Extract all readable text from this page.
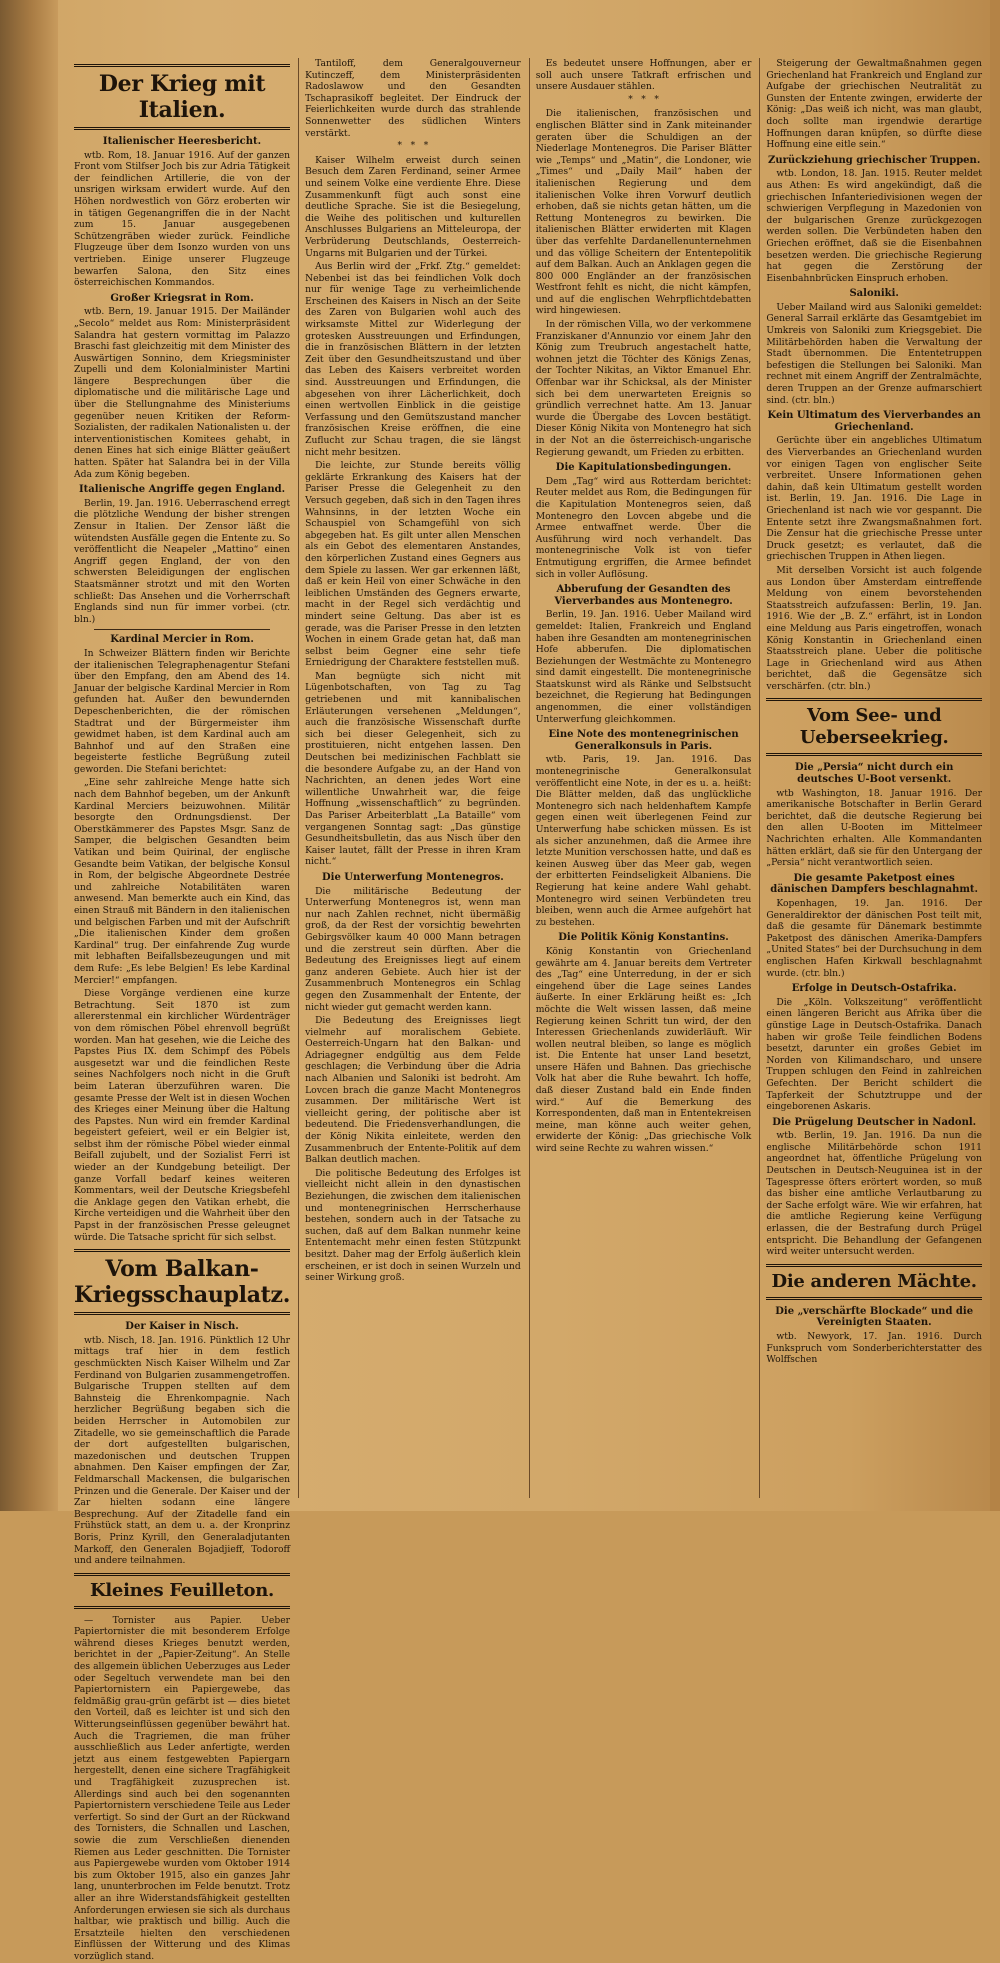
Der Krieg mit Italien.
Italienischer Heeresbericht.

wtb. Rom, 18. Januar 1916. Auf der ganzen Front vom Stilfser Joch bis zur Adria Tätigkeit der feindlichen Artillerie, die von der unsrigen wirksam erwidert wurde. Auf den Höhen nordwestlich von Görz eroberten wir in tätigen Gegenangriffen die in der Nacht zum 15. Januar ausgegebenen Schützengräben wieder zurück. Feindliche Flugzeuge über dem Isonzo wurden von uns vertrieben. Einige unserer Flugzeuge bewarfen Salona, den Sitz eines österreichischen Kommandos.

Großer Kriegsrat in Rom.

wtb. Bern, 19. Januar 1915. Der Mailänder „Secolo“ meldet aus Rom: Ministerpräsident Salandra hat gestern vormittag im Palazzo Braschi fast gleichzeitig mit dem Minister des Auswärtigen Sonnino, dem Kriegsminister Zupelli und dem Kolonialminister Martini längere Besprechungen über die diplomatische und die militärische Lage und über die Stellungnahme des Ministeriums gegenüber neuen Kritiken der Reform-Sozialisten, der radikalen Nationalisten u. der interventionistischen Komitees gehabt, in denen Eines hat sich einige Blätter geäußert hatten. Später hat Salandra bei in der Villa Ada zum König begeben.

Italienische Angriffe gegen England.

Berlin, 19. Jan. 1916. Ueberraschend erregt die plötzliche Wendung der bisher strengen Zensur in Italien. Der Zensor läßt die wütendsten Ausfälle gegen die Entente zu. So veröffentlicht die Neapeler „Mattino“ einen Angriff gegen England, der von den schwersten Beleidigungen der englischen Staatsmänner strotzt und mit den Worten schließt: Das Ansehen und die Vorherrschaft Englands sind nun für immer vorbei. (ctr. bln.)

Kardinal Mercier in Rom.

In Schweizer Blättern finden wir Berichte der italienischen Telegraphenagentur Stefani über den Empfang, den am Abend des 14. Januar der belgische Kardinal Mercier in Rom gefunden hat. Außer den bewundernden Depeschenberichten, die der römischen Stadtrat und der Bürgermeister ihm gewidmet haben, ist dem Kardinal auch am Bahnhof und auf den Straßen eine begeisterte festliche Begrüßung zuteil geworden. Die Stefani berichtet:

„Eine sehr zahlreiche Menge hatte sich nach dem Bahnhof begeben, um der Ankunft Kardinal Merciers beizuwohnen. Militär besorgte den Ordnungsdienst. Der Oberstkämmerer des Papstes Msgr. Sanz de Samper, die belgischen Gesandten beim Vatikan und beim Quirinal, der englische Gesandte beim Vatikan, der belgische Konsul in Rom, der belgische Abgeordnete Destrée und zahlreiche Notabilitäten waren anwesend. Man bemerkte auch ein Kind, das einen Strauß mit Bändern in den italienischen und belgischen Farben und mit der Aufschrift „Die italienischen Kinder dem großen Kardinal“ trug. Der einfahrende Zug wurde mit lebhaften Beifallsbezeugungen und mit dem Rufe: „Es lebe Belgien! Es lebe Kardinal Mercier!“ empfangen.

Diese Vorgänge verdienen eine kurze Betrachtung. Seit 1870 ist zum allererstenmal ein kirchlicher Würdenträger von dem römischen Pöbel ehrenvoll begrüßt worden. Man hat gesehen, wie die Leiche des Papstes Pius IX. dem Schimpf des Pöbels ausgesetzt war und die feindlichen Reste seines Nachfolgers noch nicht in die Gruft beim Lateran überzuführen waren. Die gesamte Presse der Welt ist in diesen Wochen des Krieges einer Meinung über die Haltung des Papstes. Nun wird ein fremder Kardinal begeistert gefeiert, weil er ein Belgier ist, selbst ihm der römische Pöbel wieder einmal Beifall zujubelt, und der Sozialist Ferri ist wieder an der Kundgebung beteiligt. Der ganze Vorfall bedarf keines weiteren Kommentars, weil der Deutsche Kriegsbefehl die Anklage gegen den Vatikan erhebt, die Kirche verteidigen und die Wahrheit über den Papst in der französischen Presse geleugnet würde. Die Tatsache spricht für sich selbst.

Vom Balkan-Kriegsschauplatz.
Der Kaiser in Nisch.

wtb. Nisch, 18. Jan. 1916. Pünktlich 12 Uhr mittags traf hier in dem festlich geschmückten Nisch Kaiser Wilhelm und Zar Ferdinand von Bulgarien zusammengetroffen. Bulgarische Truppen stellten auf dem Bahnsteig die Ehrenkompagnie. Nach herzlicher Begrüßung begaben sich die beiden Herrscher in Automobilen zur Zitadelle, wo sie gemeinschaftlich die Parade der dort aufgestellten bulgarischen, mazedonischen und deutschen Truppen abnahmen. Den Kaiser empfingen der Zar, Feldmarschall Mackensen, die bulgarischen Prinzen und die Generale. Der Kaiser und der Zar hielten sodann eine längere Besprechung. Auf der Zitadelle fand ein Frühstück statt, an dem u. a. der Kronprinz Boris, Prinz Kyrill, den Generaladjutanten Markoff, den Generalen Bojadjieff, Todoroff und andere teilnahmen.

Kleines Feuilleton.

— Tornister aus Papier. Ueber Papiertornister die mit besonderem Erfolge während dieses Krieges benutzt werden, berichtet in der „Papier-Zeitung“. An Stelle des allgemein üblichen Ueberzuges aus Leder oder Segeltuch verwendete man bei den Papiertornistern ein Papiergewebe, das feldmäßig grau-grün gefärbt ist — dies bietet den Vorteil, daß es leichter ist und sich den Witterungseinflüssen gegenüber bewährt hat. Auch die Tragriemen, die man früher ausschließlich aus Leder anfertigte, werden jetzt aus einem festgewebten Papiergarn hergestellt, denen eine sichere Tragfähigkeit und Tragfähigkeit zuzusprechen ist. Allerdings sind auch bei den sogenannten Papiertornistern verschiedene Teile aus Leder verfertigt. So sind der Gurt an der Rückwand des Tornisters, die Schnallen und Laschen, sowie die zum Verschließen dienenden Riemen aus Leder geschnitten. Die Tornister aus Papiergewebe wurden vom Oktober 1914 bis zum Oktober 1915, also ein ganzes Jahr lang, ununterbrochen im Felde benutzt. Trotz aller an ihre Widerstandsfähigkeit gestellten Anforderungen erwiesen sie sich als durchaus haltbar, wie praktisch und billig. Auch die Ersatzteile hielten den verschiedenen Einflüssen der Witterung und des Klimas vorzüglich stand.

Tantiloff, dem Generalgouverneur Kutinczeff, dem Ministerpräsidenten Radoslawow und den Gesandten Tschaprasikoff begleitet. Der Eindruck der Feierlichkeiten wurde durch das strahlende Sonnenwetter des südlichen Winters verstärkt.

*   *   *

Kaiser Wilhelm erweist durch seinen Besuch dem Zaren Ferdinand, seiner Armee und seinem Volke eine verdiente Ehre. Diese Zusammenkunft fügt auch sonst eine deutliche Sprache. Sie ist die Besiegelung, die Weihe des politischen und kulturellen Anschlusses Bulgariens an Mitteleuropa, der Verbrüderung Deutschlands, Oesterreich-Ungarns mit Bulgarien und der Türkei.

Aus Berlin wird der „Frkf. Ztg.“ gemeldet: Nebenbei ist das bei feindlichen Volk doch nur für wenige Tage zu verheimlichende Erscheinen des Kaisers in Nisch an der Seite des Zaren von Bulgarien wohl auch des wirksamste Mittel zur Widerlegung der grotesken Ausstreuungen und Erfindungen, die in französischen Blättern in der letzten Zeit über den Gesundheitszustand und über das Leben des Kaisers verbreitet worden sind. Ausstreuungen und Erfindungen, die abgesehen von ihrer Lächerlichkeit, doch einen wertvollen Einblick in die geistige Verfassung und den Gemütszustand mancher französischen Kreise eröffnen, die eine Zuflucht zur Schau tragen, die sie längst nicht mehr besitzen.

Die leichte, zur Stunde bereits völlig geklärte Erkrankung des Kaisers hat der Pariser Presse die Gelegenheit zu den Versuch gegeben, daß sich in den Tagen ihres Wahnsinns, in der letzten Woche ein Schauspiel von Schamgefühl von sich abgegeben hat. Es gilt unter allen Menschen als ein Gebot des elementaren Anstandes, den körperlichen Zustand eines Gegners aus dem Spiele zu lassen. Wer gar erkennen läßt, daß er kein Heil von einer Schwäche in den leiblichen Umständen des Gegners erwarte, macht in der Regel sich verdächtig und mindert seine Geltung. Das aber ist es gerade, was die Pariser Presse in den letzten Wochen in einem Grade getan hat, daß man selbst beim Gegner eine sehr tiefe Erniedrigung der Charaktere feststellen muß.

Man begnügte sich nicht mit Lügenbotschaften, von Tag zu Tag getriebenen und mit kannibalischen Erläuterungen versehenen „Meldungen“, auch die französische Wissenschaft durfte sich bei dieser Gelegenheit, sich zu prostituieren, nicht entgehen lassen. Den Deutschen bei medizinischen Fachblatt sie die besondere Aufgabe zu, an der Hand von Nachrichten, an denen jedes Wort eine willentliche Unwahrheit war, die feige Hoffnung „wissenschaftlich“ zu begründen. Das Pariser Arbeiterblatt „La Bataille“ vom vergangenen Sonntag sagt: „Das günstige Gesundheitsbulletin, das aus Nisch über den Kaiser lautet, fällt der Presse in ihren Kram nicht.“

Die Unterwerfung Montenegros.

Die militärische Bedeutung der Unterwerfung Montenegros ist, wenn man nur nach Zahlen rechnet, nicht übermäßig groß, da der Rest der vorsichtig bewehrten Gebirgsvölker kaum 40 000 Mann betragen und die zerstreut sein dürften. Aber die Bedeutung des Ereignisses liegt auf einem ganz anderen Gebiete. Auch hier ist der Zusammenbruch Montenegros ein Schlag gegen den Zusammenhalt der Entente, der nicht wieder gut gemacht werden kann.

Die Bedeutung des Ereignisses liegt vielmehr auf moralischem Gebiete. Oesterreich-Ungarn hat den Balkan- und Adriagegner endgültig aus dem Felde geschlagen; die Verbindung über die Adria nach Albanien und Saloniki ist bedroht. Am Lovcen brach die ganze Macht Montenegros zusammen. Der militärische Wert ist vielleicht gering, der politische aber ist bedeutend. Die Friedensverhandlungen, die der König Nikita einleitete, werden den Zusammenbruch der Entente-Politik auf dem Balkan deutlich machen.

Die politische Bedeutung des Erfolges ist vielleicht nicht allein in den dynastischen Beziehungen, die zwischen dem italienischen und montenegrinischen Herrscherhause bestehen, sondern auch in der Tatsache zu suchen, daß auf dem Balkan nunmehr keine Ententemacht mehr einen festen Stützpunkt besitzt. Daher mag der Erfolg äußerlich klein erscheinen, er ist doch in seinen Wurzeln und seiner Wirkung groß.

Es bedeutet unsere Hoffnungen, aber er soll auch unsere Tatkraft erfrischen und unsere Ausdauer stählen.

*   *   *

Die italienischen, französischen und englischen Blätter sind in Zank miteinander geraten über die Schuldigen an der Niederlage Montenegros. Die Pariser Blätter wie „Temps“ und „Matin“, die Londoner, wie „Times“ und „Daily Mail“ haben der italienischen Regierung und dem italienischen Volke ihren Vorwurf deutlich erhoben, daß sie nichts getan hätten, um die Rettung Montenegros zu bewirken. Die italienischen Blätter erwiderten mit Klagen über das verfehlte Dardanellenunternehmen und das völlige Scheitern der Ententepolitik auf dem Balkan. Auch an Anklagen gegen die 800 000 Engländer an der französischen Westfront fehlt es nicht, die nicht kämpfen, und auf die englischen Wehrpflichtdebatten wird hingewiesen.

In der römischen Villa, wo der verkommene Franziskaner d'Annunzio vor einem Jahr den König zum Treubruch angestachelt hatte, wohnen jetzt die Töchter des Königs Zenas, der Tochter Nikitas, an Viktor Emanuel Ehr. Offenbar war ihr Schicksal, als der Minister sich bei dem unerwarteten Ereignis so gründlich verrechnet hatte. Am 13. Januar wurde die Übergabe des Lovcen bestätigt. Dieser König Nikita von Montenegro hat sich in der Not an die österreichisch-ungarische Regierung gewandt, um Frieden zu erbitten.

Die Kapitulationsbedingungen.

Dem „Tag“ wird aus Rotterdam berichtet: Reuter meldet aus Rom, die Bedingungen für die Kapitulation Montenegros seien, daß Montenegro den Lovcen abgebe und die Armee entwaffnet werde. Über die Ausführung wird noch verhandelt. Das montenegrinische Volk ist von tiefer Entmutigung ergriffen, die Armee befindet sich in voller Auflösung.

Abberufung der Gesandten des Vierverbandes aus Montenegro.

Berlin, 19. Jan. 1916. Ueber Mailand wird gemeldet: Italien, Frankreich und England haben ihre Gesandten am montenegrinischen Hofe abberufen. Die diplomatischen Beziehungen der Westmächte zu Montenegro sind damit eingestellt. Die montenegrinische Staatskunst wird als Ränke und Selbstsucht bezeichnet, die Regierung hat Bedingungen angenommen, die einer vollständigen Unterwerfung gleichkommen.

Eine Note des montenegrinischen Generalkonsuls in Paris.

wtb. Paris, 19. Jan. 1916. Das montenegrinische Generalkonsulat veröffentlicht eine Note, in der es u. a. heißt: Die Blätter melden, daß das unglückliche Montenegro sich nach heldenhaftem Kampfe gegen einen weit überlegenen Feind zur Unterwerfung habe schicken müssen. Es ist als sicher anzunehmen, daß die Armee ihre letzte Munition verschossen hatte, und daß es keinen Ausweg über das Meer gab, wegen der erbitterten Feindseligkeit Albaniens. Die Regierung hat keine andere Wahl gehabt. Montenegro wird seinen Verbündeten treu bleiben, wenn auch die Armee aufgehört hat zu bestehen.

Die Politik König Konstantins.

König Konstantin von Griechenland gewährte am 4. Januar bereits dem Vertreter des „Tag“ eine Unterredung, in der er sich eingehend über die Lage seines Landes äußerte. In einer Erklärung heißt es: „Ich möchte die Welt wissen lassen, daß meine Regierung keinen Schritt tun wird, der den Interessen Griechenlands zuwiderläuft. Wir wollen neutral bleiben, so lange es möglich ist. Die Entente hat unser Land besetzt, unsere Häfen und Bahnen. Das griechische Volk hat aber die Ruhe bewahrt. Ich hoffe, daß dieser Zustand bald ein Ende finden wird.“ Auf die Bemerkung des Korrespondenten, daß man in Ententekreisen meine, man könne auch weiter gehen, erwiderte der König: „Das griechische Volk wird seine Rechte zu wahren wissen.“

Steigerung der Gewaltmaßnahmen gegen Griechenland hat Frankreich und England zur Aufgabe der griechischen Neutralität zu Gunsten der Entente zwingen, erwiderte der König: „Das weiß ich nicht, was man glaubt, doch sollte man irgendwie derartige Hoffnungen daran knüpfen, so dürfte diese Hoffnung eine eitle sein.“

Zurückziehung griechischer Truppen.

wtb. London, 18. Jan. 1915. Reuter meldet aus Athen: Es wird angekündigt, daß die griechischen Infanteriedivisionen wegen der schwierigen Verpflegung in Mazedonien von der bulgarischen Grenze zurückgezogen werden sollen. Die Verbündeten haben den Griechen eröffnet, daß sie die Eisenbahnen besetzen werden. Die griechische Regierung hat gegen die Zerstörung der Eisenbahnbrücken Einspruch erhoben.

Saloniki.

Ueber Mailand wird aus Saloniki gemeldet: General Sarrail erklärte das Gesamtgebiet im Umkreis von Saloniki zum Kriegsgebiet. Die Militärbehörden haben die Verwaltung der Stadt übernommen. Die Ententetruppen befestigen die Stellungen bei Saloniki. Man rechnet mit einem Angriff der Zentralmächte, deren Truppen an der Grenze aufmarschiert sind. (ctr. bln.)

Kein Ultimatum des Vierverbandes an Griechenland.

Gerüchte über ein angebliches Ultimatum des Vierverbandes an Griechenland wurden vor einigen Tagen von englischer Seite verbreitet. Unsere Informationen gehen dahin, daß kein Ultimatum gestellt worden ist. Berlin, 19. Jan. 1916. Die Lage in Griechenland ist nach wie vor gespannt. Die Entente setzt ihre Zwangsmaßnahmen fort. Die Zensur hat die griechische Presse unter Druck gesetzt; es verlautet, daß die griechischen Truppen in Athen liegen.

Mit derselben Vorsicht ist auch folgende aus London über Amsterdam eintreffende Meldung von einem bevorstehenden Staatsstreich aufzufassen: Berlin, 19. Jan. 1916. Wie der „B. Z.“ erfährt, ist in London eine Meldung aus Paris eingetroffen, wonach König Konstantin in Griechenland einen Staatsstreich plane. Ueber die politische Lage in Griechenland wird aus Athen berichtet, daß die Gegensätze sich verschärfen. (ctr. bln.)

Vom See- und Ueberseekrieg.
Die „Persia“ nicht durch ein deutsches U-Boot versenkt.

wtb Washington, 18. Januar 1916. Der amerikanische Botschafter in Berlin Gerard berichtet, daß die deutsche Regierung bei den allen U-Booten im Mittelmeer Nachrichten erhalten. Alle Kommandanten hätten erklärt, daß sie für den Untergang der „Persia“ nicht verantwortlich seien.

Die gesamte Paketpost eines dänischen Dampfers beschlagnahmt.

Kopenhagen, 19. Jan. 1916. Der Generaldirektor der dänischen Post teilt mit, daß die gesamte für Dänemark bestimmte Paketpost des dänischen Amerika-Dampfers „United States“ bei der Durchsuchung in dem englischen Hafen Kirkwall beschlagnahmt wurde. (ctr. bln.)

Erfolge in Deutsch-Ostafrika.

Die „Köln. Volkszeitung“ veröffentlicht einen längeren Bericht aus Afrika über die günstige Lage in Deutsch-Ostafrika. Danach haben wir große Teile feindlichen Bodens besetzt, darunter ein großes Gebiet im Norden von Kilimandscharo, und unsere Truppen schlugen den Feind in zahlreichen Gefechten. Der Bericht schildert die Tapferkeit der Schutztruppe und der eingeborenen Askaris.

Die Prügelung Deutscher in Nadonl.

wtb. Berlin, 19. Jan. 1916. Da nun die englische Militärbehörde schon 1911 angeordnet hat, öffentliche Prügelung von Deutschen in Deutsch-Neuguinea ist in der Tagespresse öfters erörtert worden, so muß das bisher eine amtliche Verlautbarung zu der Sache erfolgt wäre. Wie wir erfahren, hat die amtliche Regierung keine Verfügung erlassen, die der Bestrafung durch Prügel entspricht. Die Behandlung der Gefangenen wird weiter untersucht werden.

Die anderen Mächte.
Die „verschärfte Blockade“ und die Vereinigten Staaten.

wtb. Newyork, 17. Jan. 1916. Durch Funkspruch vom Sonderberichterstatter des Wolffschen
